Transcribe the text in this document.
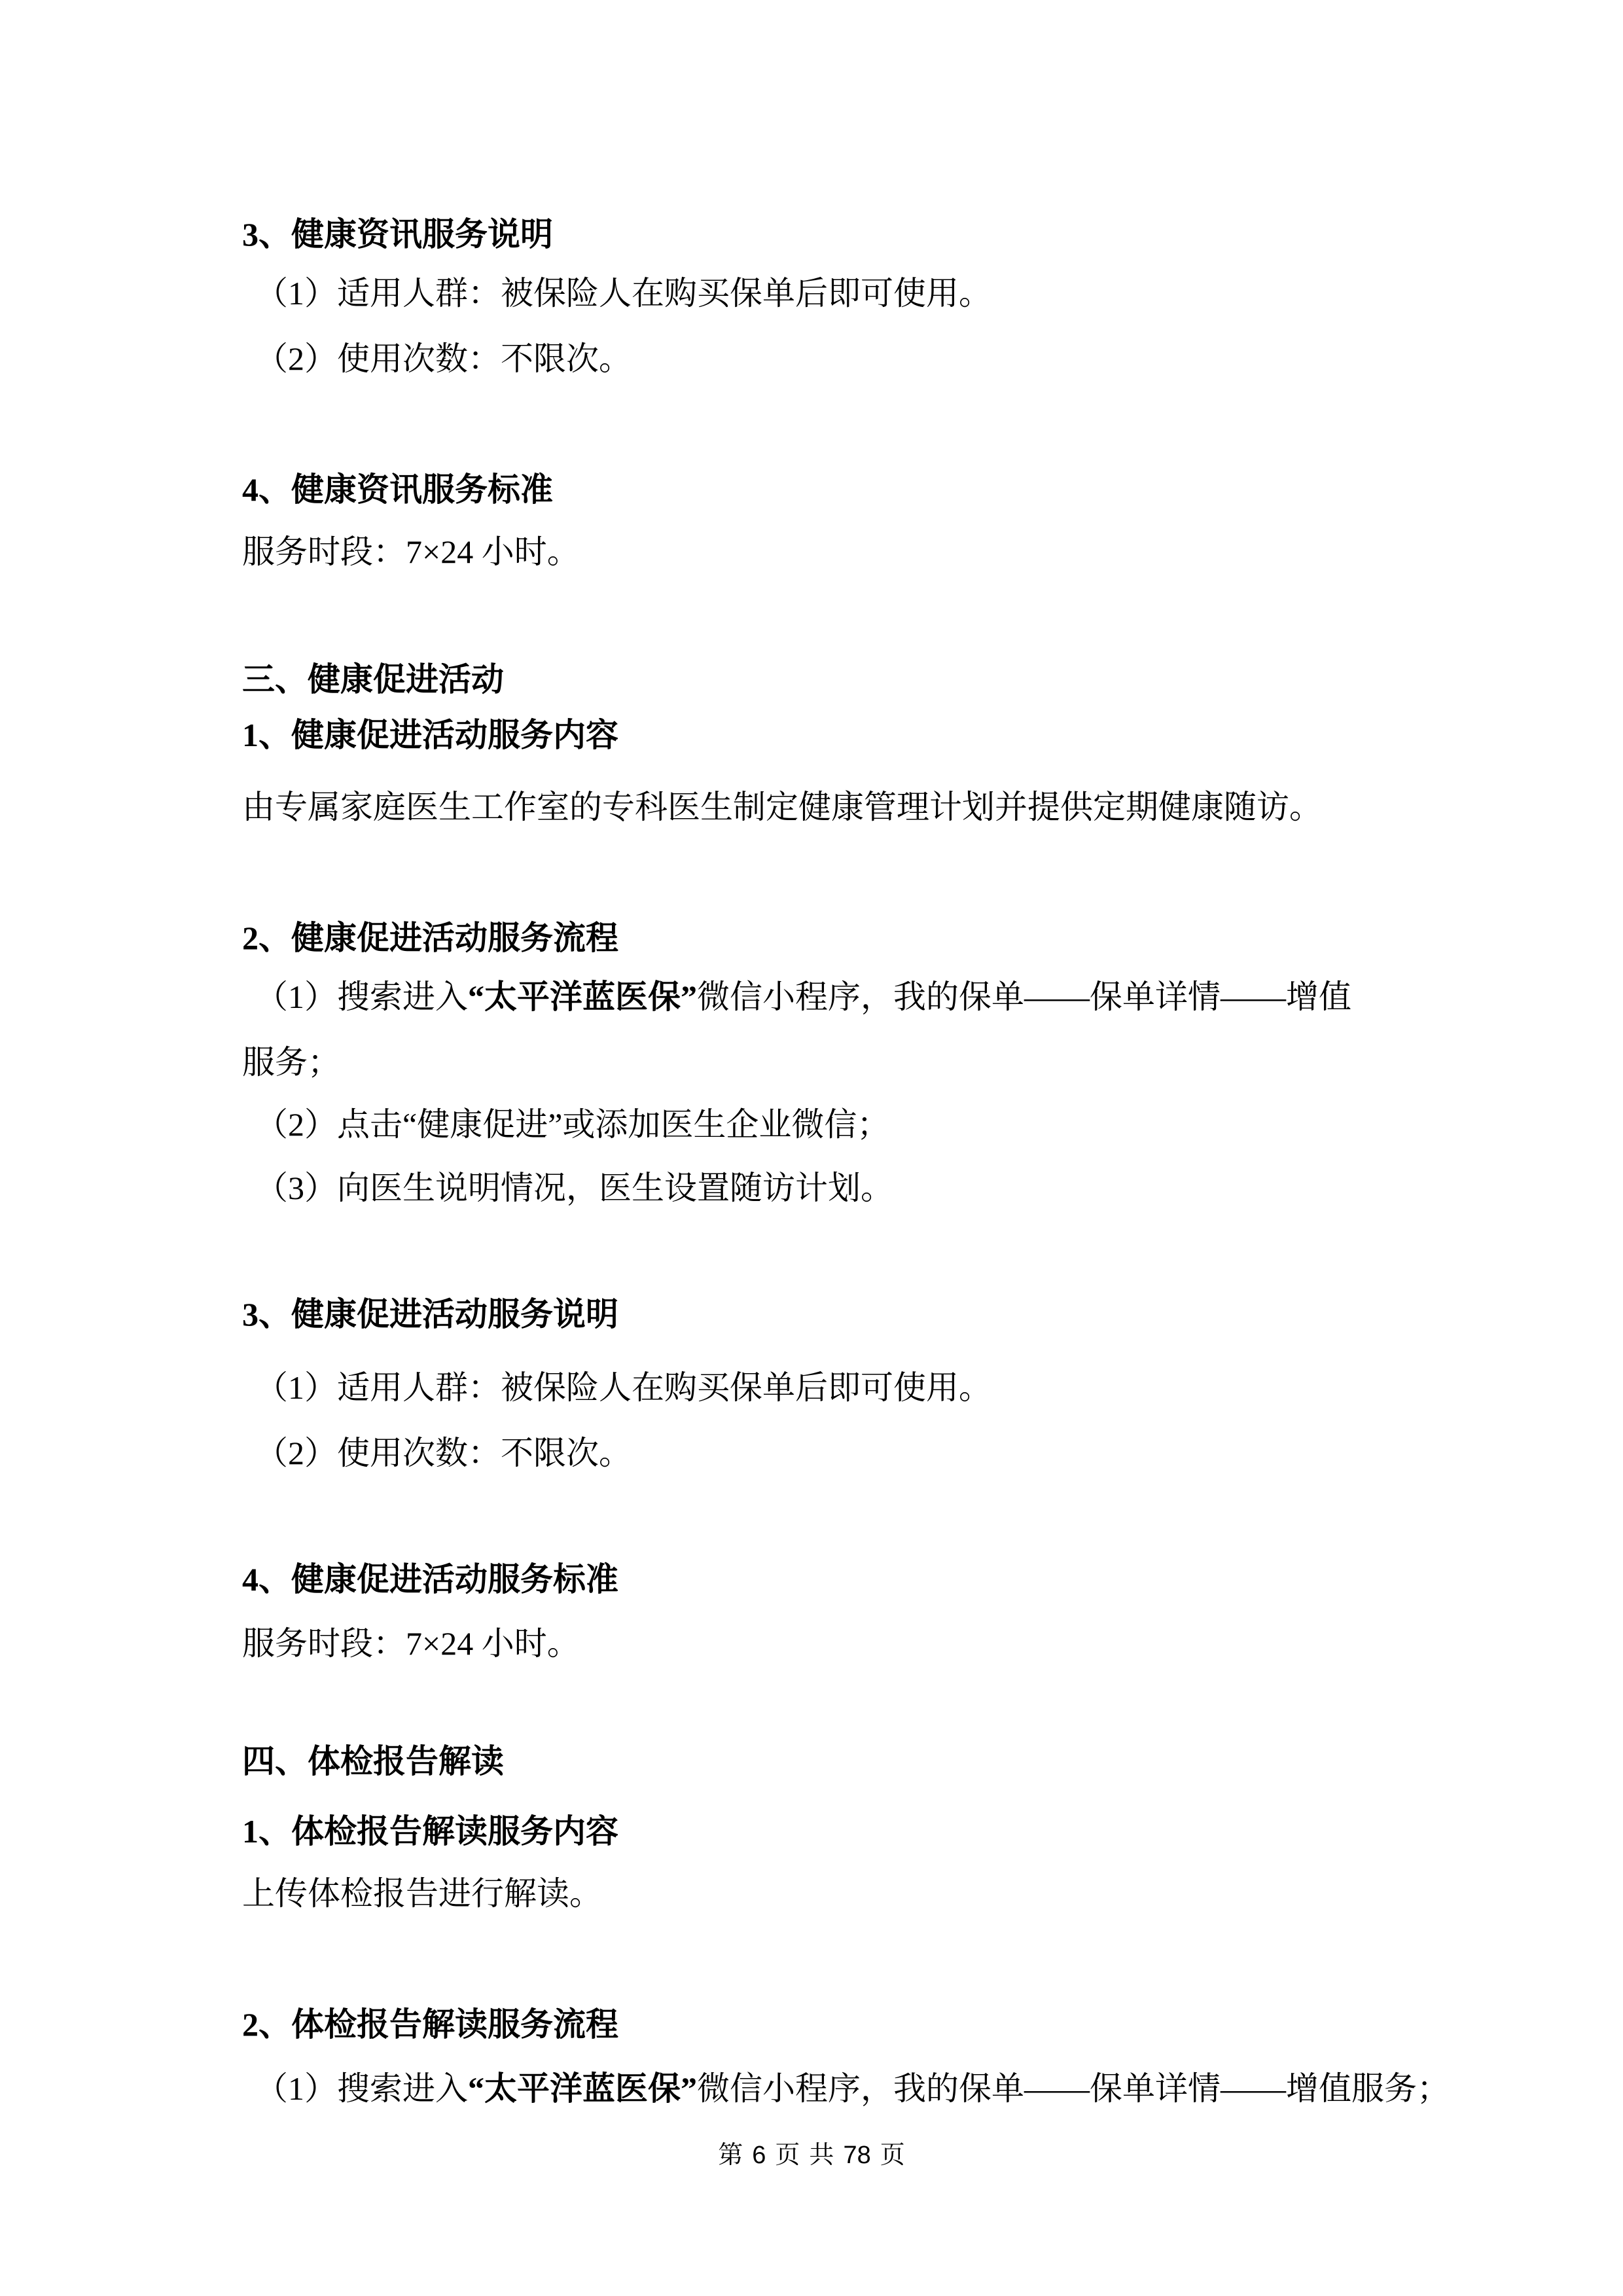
3、健康资讯服务说明
（1）适用人群：被保险人在购买保单后即可使用。
（2）使用次数：不限次。
4、健康资讯服务标准
服务时段：7×24 小时。
三、健康促进活动
1、健康促进活动服务内容
由专属家庭医生工作室的专科医生制定健康管理计划并提供定期健康随访。
2、健康促进活动服务流程
（1）搜索进入“太平洋蓝医保”微信小程序，我的保单——保单详情——增值
服务；
（2）点击“健康促进”或添加医生企业微信；
（3）向医生说明情况，医生设置随访计划。
3、健康促进活动服务说明
（1）适用人群：被保险人在购买保单后即可使用。
（2）使用次数：不限次。
4、健康促进活动服务标准
服务时段：7×24 小时。
四、体检报告解读
1、体检报告解读服务内容
上传体检报告进行解读。
2、体检报告解读服务流程
（1）搜索进入“太平洋蓝医保”微信小程序，我的保单——保单详情——增值服务；
第 6 页 共 78 页
